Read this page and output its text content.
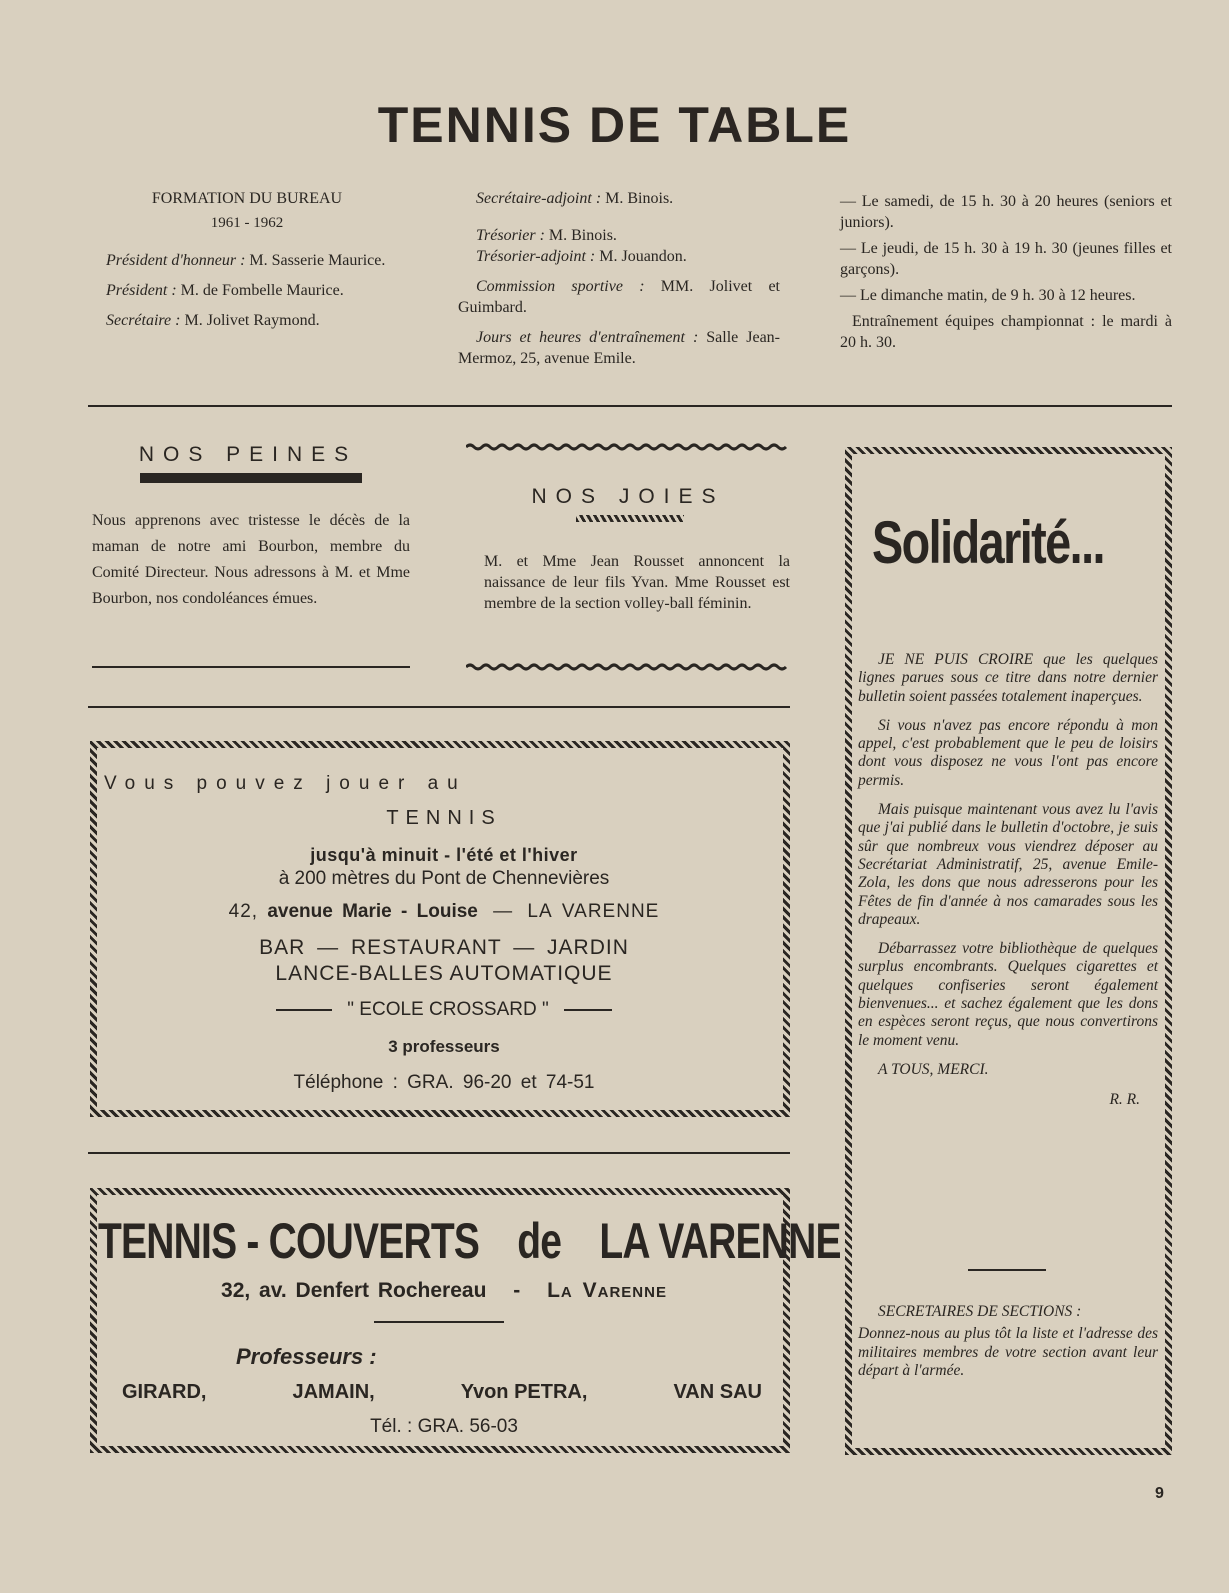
TENNIS DE TABLE
FORMATION DU BUREAU
1961 - 1962

Président d'honneur : M. Sasserie Maurice.

Président : M. de Fombelle Maurice.

Secrétaire : M. Jolivet Raymond.

Secrétaire-adjoint : M. Binois.

Trésorier : M. Binois.

Trésorier-adjoint : M. Jouandon.

Commission sportive : MM. Jolivet et Guimbard.

Jours et heures d'entraînement : Salle Jean-Mermoz, 25, avenue Emile.

— Le samedi, de 15 h. 30 à 20 heures (seniors et juniors).

— Le jeudi, de 15 h. 30 à 19 h. 30 (jeunes filles et garçons).

— Le dimanche matin, de 9 h. 30 à 12 heures.

Entraînement équipes championnat : le mardi à 20 h. 30.

NOS PEINES
Nous apprenons avec tristesse le décès de la maman de notre ami Bourbon, membre du Comité Directeur. Nous adressons à M. et Mme Bourbon, nos condoléances émues.
NOS JOIES
M. et Mme Jean Rousset annoncent la naissance de leur fils Yvan. Mme Rousset est membre de la section volley-ball féminin.
Vous pouvez jouer au
TENNIS
jusqu'à minuit - l'été et l'hiver
à 200 mètres du Pont de Chennevières
42, avenue Marie - Louise — LA VARENNE
BAR — RESTAURANT — JARDIN
LANCE-BALLES AUTOMATIQUE
" ECOLE CROSSARD "
3 professeurs
Téléphone : GRA. 96-20 et 74-51
TENNIS - COUVERTS de LA VARENNE
32, av. Denfert Rochereau - La Varenne
Professeurs :
GIRARD,	JAMAIN,	Yvon PETRA,	VAN SAU
Tél. : GRA. 56-03
Solidarité...

JE NE PUIS CROIRE que les quelques lignes parues sous ce titre dans notre dernier bulletin soient passées totalement inaperçues.

Si vous n'avez pas encore répondu à mon appel, c'est probablement que le peu de loisirs dont vous disposez ne vous l'ont pas encore permis.

Mais puisque maintenant vous avez lu l'avis que j'ai publié dans le bulletin d'octobre, je suis sûr que nombreux vous viendrez déposer au Secrétariat Administratif, 25, avenue Emile-Zola, les dons que nous adresserons pour les Fêtes de fin d'année à nos camarades sous les drapeaux.

Débarrassez votre bibliothèque de quelques surplus encombrants. Quelques cigarettes et quelques confiseries seront également bienvenues... et sachez également que les dons en espèces seront reçus, que nous convertirons le moment venu.

A TOUS, MERCI.

R. R.

SECRETAIRES DE SECTIONS :

Donnez-nous au plus tôt la liste et l'adresse des militaires membres de votre section avant leur départ à l'armée.
9
